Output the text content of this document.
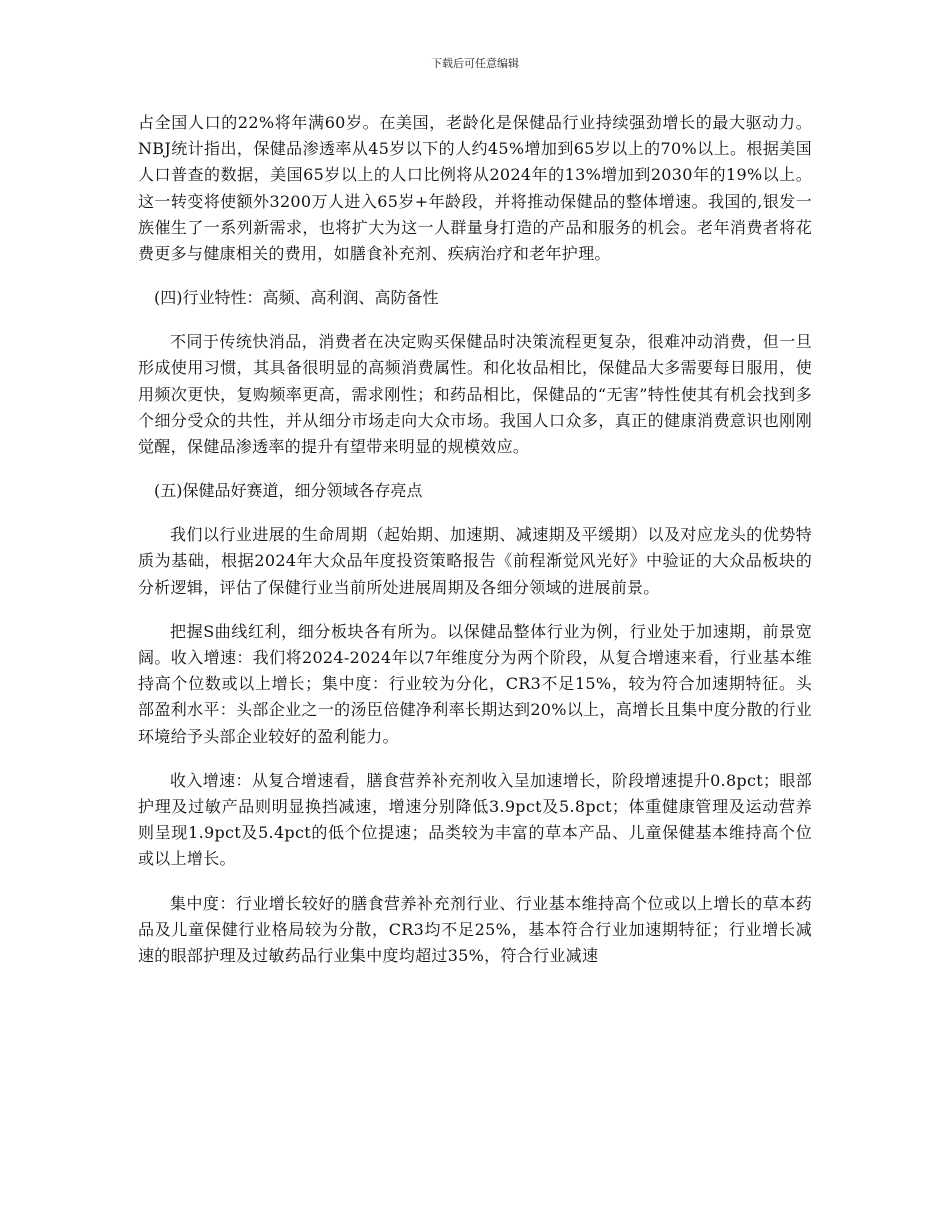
下载后可任意编辑

占全国人口的22%将年满60岁。在美国，老龄化是保健品行业持续强劲增长的最大驱动力。NBJ统计指出，保健品渗透率从45岁以下的人约45%增加到65岁以上的70%以上。根据美国人口普查的数据，美国65岁以上的人口比例将从2024年的13%增加到2030年的19%以上。这一转变将使额外3200万人进入65岁+年龄段，并将推动保健品的整体增速。我国的,银发一族催生了一系列新需求，也将扩大为这一人群量身打造的产品和服务的机会。老年消费者将花费更多与健康相关的费用，如膳食补充剂、疾病治疗和老年护理。

(四)行业特性：高频、高利润、高防备性

不同于传统快消品，消费者在决定购买保健品时决策流程更复杂，很难冲动消费，但一旦形成使用习惯，其具备很明显的高频消费属性。和化妆品相比，保健品大多需要每日服用，使用频次更快，复购频率更高，需求刚性；和药品相比，保健品的“无害”特性使其有机会找到多个细分受众的共性，并从细分市场走向大众市场。我国人口众多，真正的健康消费意识也刚刚觉醒，保健品渗透率的提升有望带来明显的规模效应。

(五)保健品好赛道，细分领域各存亮点

我们以行业进展的生命周期（起始期、加速期、减速期及平缓期）以及对应龙头的优势特质为基础，根据2024年大众品年度投资策略报告《前程渐觉风光好》中验证的大众品板块的分析逻辑，评估了保健行业当前所处进展周期及各细分领域的进展前景。

把握S曲线红利，细分板块各有所为。以保健品整体行业为例，行业处于加速期，前景宽阔。收入增速：我们将2024-2024年以7年维度分为两个阶段，从复合增速来看，行业基本维持高个位数或以上增长；集中度：行业较为分化，CR3不足15%，较为符合加速期特征。头部盈利水平：头部企业之一的汤臣倍健净利率长期达到20%以上，高增长且集中度分散的行业环境给予头部企业较好的盈利能力。

收入增速：从复合增速看，膳食营养补充剂收入呈加速增长，阶段增速提升0.8pct；眼部护理及过敏产品则明显换挡减速，增速分别降低3.9pct及5.8pct；体重健康管理及运动营养则呈现1.9pct及5.4pct的低个位提速；品类较为丰富的草本产品、儿童保健基本维持高个位或以上增长。

集中度：行业增长较好的膳食营养补充剂行业、行业基本维持高个位或以上增长的草本药品及儿童保健行业格局较为分散，CR3均不足25%，基本符合行业加速期特征；行业增长减速的眼部护理及过敏药品行业集中度均超过35%，符合行业减速
